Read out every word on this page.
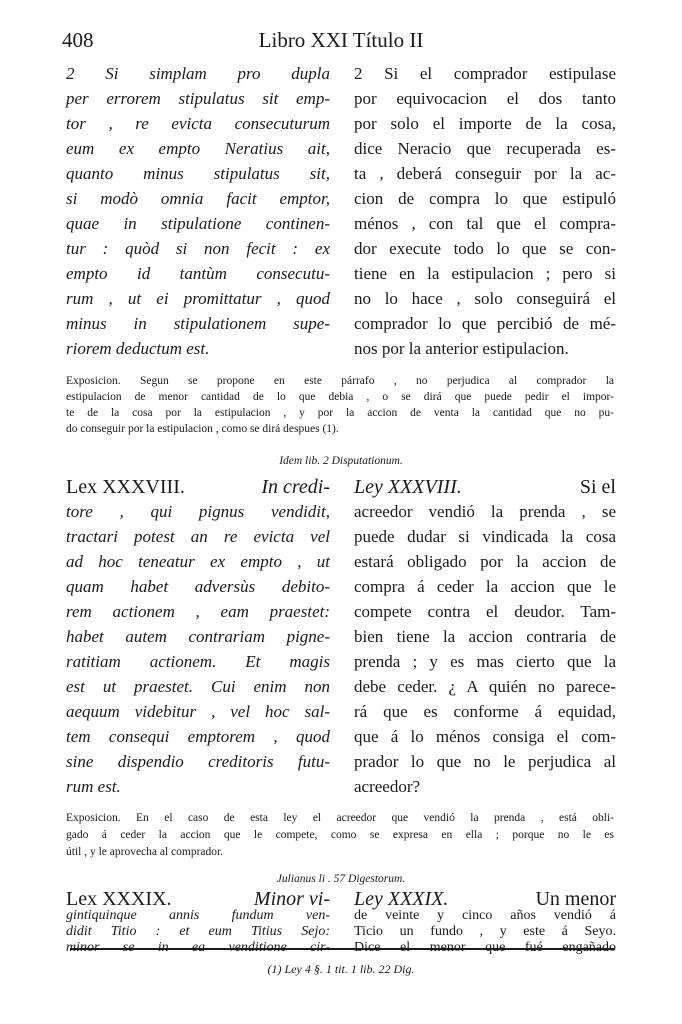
408	Libro XXI Título II
2 Si simplam pro dupla
per errorem stipulatus sit emp-
tor , re evicta consecuturum
eum ex empto Neratius ait,
quanto minus stipulatus sit,
si modò omnia facit emptor,
quae in stipulatione continen-
tur : quòd si non fecit : ex
empto id tantùm consecutu-
rum , ut ei promittatur , quod
minus in stipulationem supe-
riorem deductum est.
2 Si el comprador estipulase
por equivocacion el dos tanto
por solo el importe de la cosa,
dice Neracio que recuperada es-
ta , deberá conseguir por la ac-
cion de compra lo que estipuló
ménos , con tal que el compra-
dor execute todo lo que se con-
tiene en la estipulacion ; pero si
no lo hace , solo conseguirá el
comprador lo que percibió de mé-
nos por la anterior estipulacion.
Exposicion. Segun se propone en este párrafo , no perjudica al comprador la
estipulacion de menor cantidad de lo que debia , o se dirá que puede pedir el impor-
te de la cosa por la estipulacion , y por la accion de venta la cantidad que no pu-
do conseguir por la estipulacion , como se dirá despues (1).
Idem lib. 2 Disputationum.
Lex XXXVIII.	In credi-
tore , qui pignus vendidit,
tractari potest an re evicta vel
ad hoc teneatur ex empto , ut
quam habet adversùs debito-
rem actionem , eam praestet:
habet autem contrariam pigne-
ratitiam actionem. Et magis
est ut praestet. Cui enim non
aequum videbitur , vel hoc sal-
tem consequi emptorem , quod
sine dispendio creditoris futu-
rum est.
Ley XXXVIII.	Si el
acreedor vendió la prenda , se
puede dudar si vindicada la cosa
estará obligado por la accion de
compra á ceder la accion que le
compete contra el deudor. Tam-
bien tiene la accion contraria de
prenda ; y es mas cierto que la
debe ceder. ¿ A quién no parece-
rá que es conforme á equidad,
que á lo ménos consiga el com-
prador lo que no le perjudica al
acreedor?
Exposicion. En el caso de esta ley el acreedor que vendió la prenda , está obli-
gado á ceder la accion que le compete, como se expresa en ella ; porque no le es
útil , y le aprovecha al comprador.
Julianus li . 57 Digestorum.
Lex XXXIX.	Minor vi- Ley XXXIX.	Un menor
(1) Ley 4 §. 1 tit. 1 lib. 22 Dig.
gintiquinque annis fundum ven- de veinte y cinco años vendió á
didit Titio : et eum Titius Sejo: Ticio un fundo , y este á Seyo.
minor se in ea venditione cir- Dice el menor que fué engañado
